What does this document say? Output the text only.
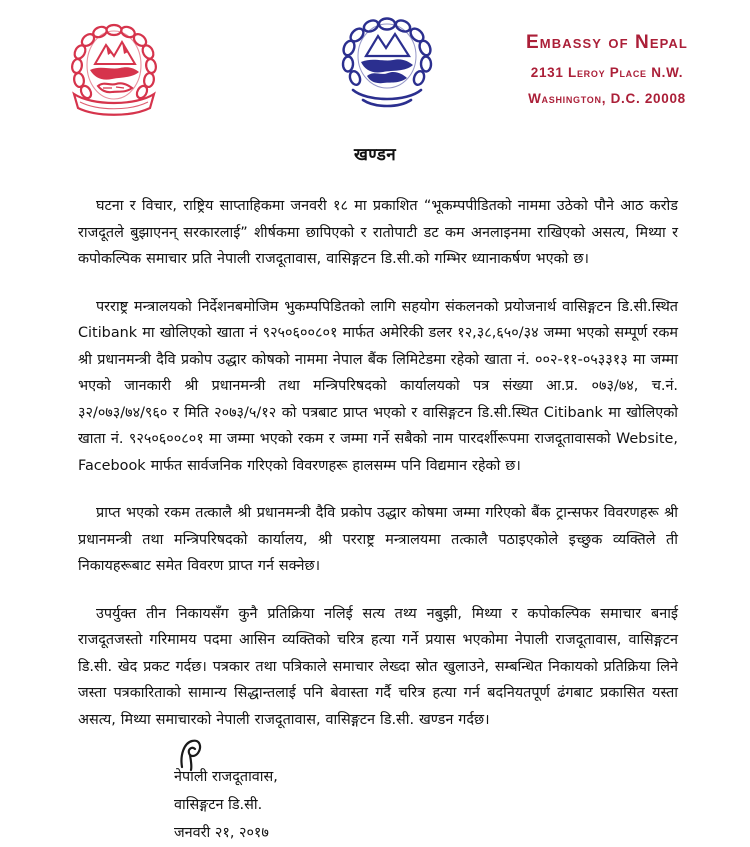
Embassy of Nepal
2131 Leroy Place N.W.
Washington, D.C. 20008
खण्डन

घटना र विचार, राष्ट्रिय साप्ताहिकमा जनवरी १८ मा प्रकाशित “भूकम्पपीडितको नाममा उठेको पौने आठ करोड राजदूतले बुझाएनन् सरकारलाई” शीर्षकमा छापिएको र रातोपाटी डट कम अनलाइनमा राखिएको असत्य, मिथ्या र कपोकल्पिक समाचार प्रति नेपाली राजदूतावास, वासिङ्गटन डि.सी.को गम्भिर ध्यानाकर्षण भएको छ।

परराष्ट्र मन्त्रालयको निर्देशनबमोजिम भुकम्पपिडितको लागि सहयोग संकलनको प्रयोजनार्थ वासिङ्गटन डि.सी.स्थित Citibank मा खोलिएको खाता नं ९२५०६००८०१ मार्फत अमेरिकी डलर १२,३८,६५०/३४ जम्मा भएको सम्पूर्ण रकम श्री प्रधानमन्त्री दैवि प्रकोप उद्धार कोषको नाममा नेपाल बैंक लिमिटेडमा रहेको खाता नं. ००२-११-०५३३१३ मा जम्मा भएको जानकारी श्री प्रधानमन्त्री तथा मन्त्रिपरिषदको कार्यालयको पत्र संख्या आ.प्र. ०७३/७४, च.नं. ३२/०७३/७४/९६० र मिति २०७३/५/१२ को पत्रबाट प्राप्त भएको र वासिङ्गटन डि.सी.स्थित Citibank मा खोलिएको खाता नं. ९२५०६००८०१ मा जम्मा भएको रकम र जम्मा गर्ने सबैको नाम पारदर्शीरूपमा राजदूतावासको Website, Facebook मार्फत सार्वजनिक गरिएको विवरणहरू हालसम्म पनि विद्यमान रहेको छ।

प्राप्त भएको रकम तत्कालै श्री प्रधानमन्त्री दैवि प्रकोप उद्धार कोषमा जम्मा गरिएको बैंक ट्रान्सफर विवरणहरू श्री प्रधानमन्त्री तथा मन्त्रिपरिषदको कार्यालय, श्री परराष्ट्र मन्त्रालयमा तत्कालै पठाइएकोले इच्छुक व्यक्तिले ती निकायहरूबाट समेत विवरण प्राप्त गर्न सक्नेछ।

उपर्युक्त तीन निकायसँग कुनै प्रतिक्रिया नलिई सत्य तथ्य नबुझी, मिथ्या र कपोकल्पिक समाचार बनाई राजदूतजस्तो गरिमामय पदमा आसिन व्यक्तिको चरित्र हत्या गर्ने प्रयास भएकोमा नेपाली राजदूतावास, वासिङ्गटन डि.सी. खेद प्रकट गर्दछ। पत्रकार तथा पत्रिकाले समाचार लेख्दा स्रोत खुलाउने, सम्बन्धित निकायको प्रतिक्रिया लिने जस्ता पत्रकारिताको सामान्य सिद्धान्तलाई पनि बेवास्ता गर्दै चरित्र हत्या गर्न बदनियतपूर्ण ढंगबाट प्रकासित यस्ता असत्य, मिथ्या समाचारको नेपाली राजदूतावास, वासिङ्गटन डि.सी. खण्डन गर्दछ।

नेपाली राजदूतावास,
वासिङ्गटन डि.सी.
जनवरी २१, २०१७
